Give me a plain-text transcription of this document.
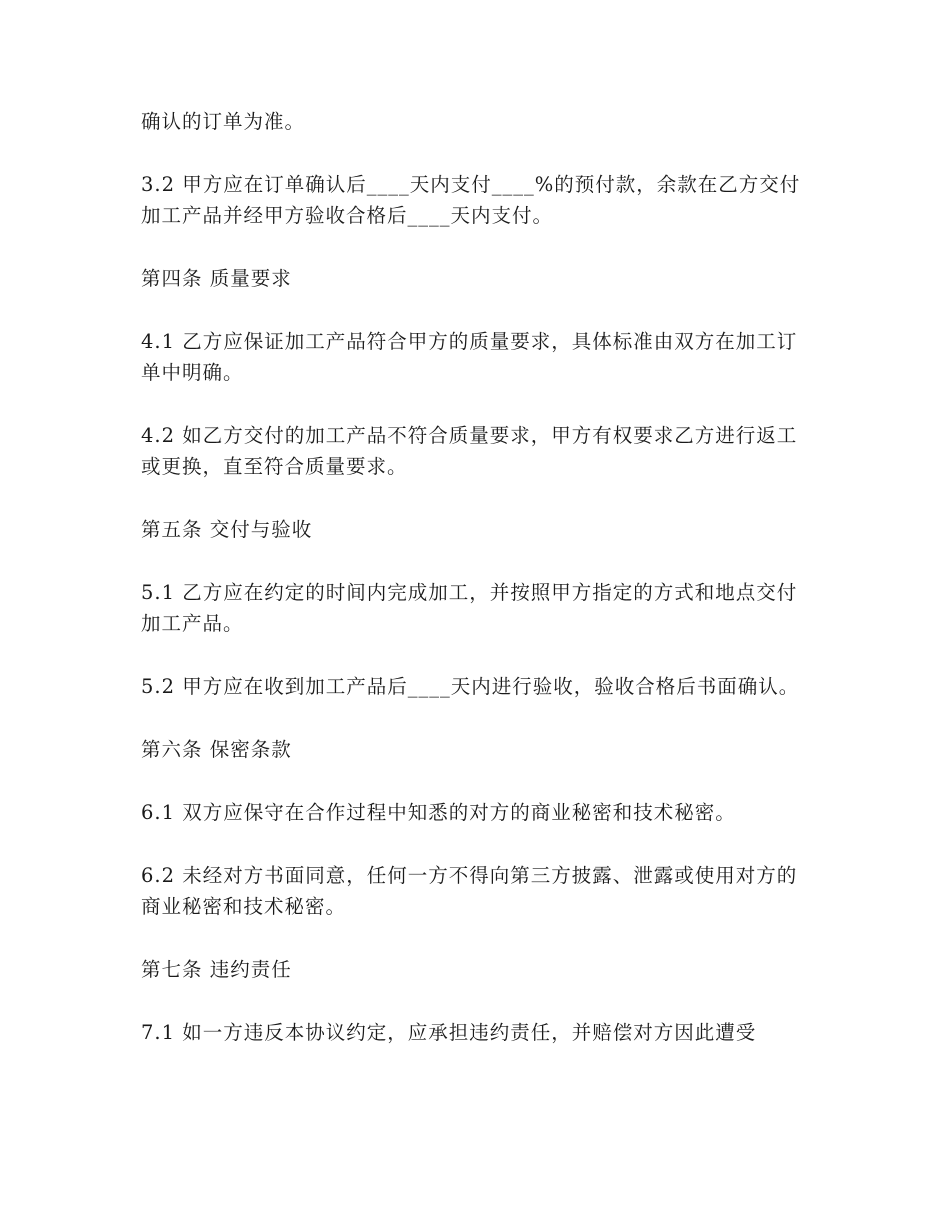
确认的订单为准。

3.2 甲方应在订单确认后____天内支付____%的预付款，余款在乙方交付加工产品并经甲方验收合格后____天内支付。

第四条 质量要求

4.1 乙方应保证加工产品符合甲方的质量要求，具体标准由双方在加工订单中明确。

4.2 如乙方交付的加工产品不符合质量要求，甲方有权要求乙方进行返工或更换，直至符合质量要求。

第五条 交付与验收

5.1 乙方应在约定的时间内完成加工，并按照甲方指定的方式和地点交付加工产品。

5.2 甲方应在收到加工产品后____天内进行验收，验收合格后书面确认。

第六条 保密条款

6.1 双方应保守在合作过程中知悉的对方的商业秘密和技术秘密。

6.2 未经对方书面同意，任何一方不得向第三方披露、泄露或使用对方的商业秘密和技术秘密。

第七条 违约责任

7.1 如一方违反本协议约定，应承担违约责任，并赔偿对方因此遭受
